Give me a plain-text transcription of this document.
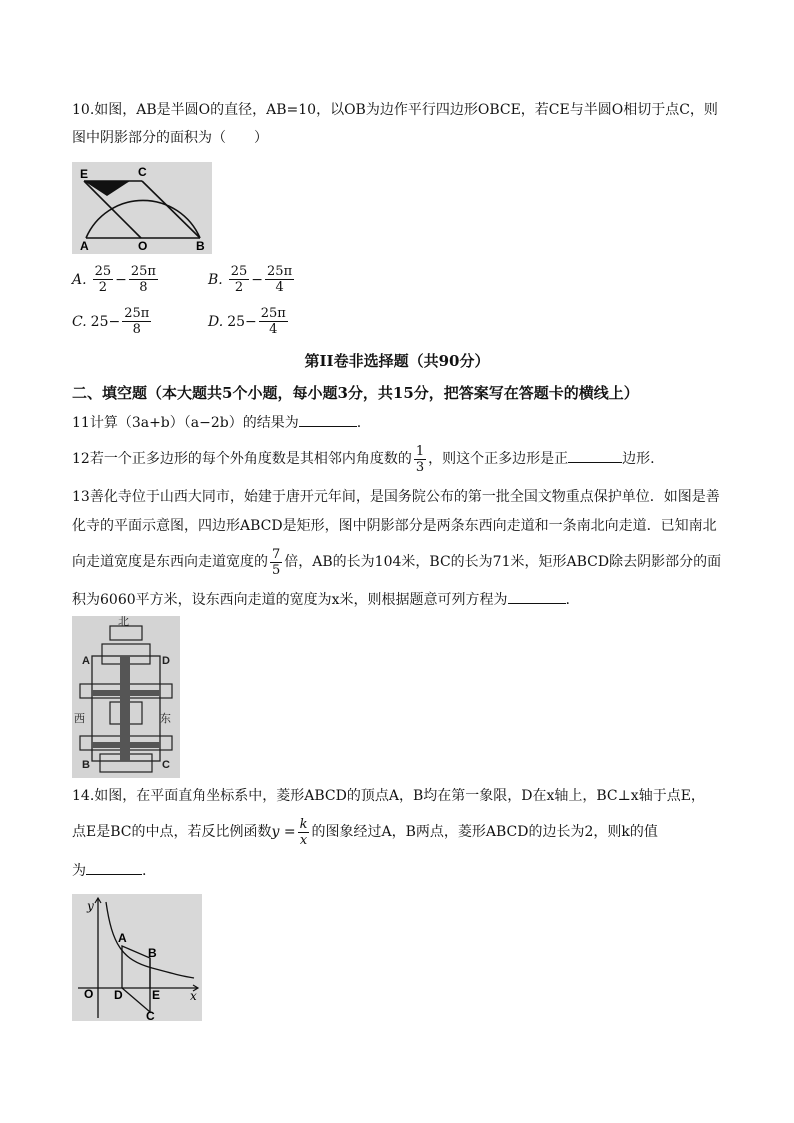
10.如图，AB是半圆O的直径，AB=10，以OB为边作平行四边形OBCE，若CE与半圆O相切于点C，则
图中阴影部分的面积为（　　）
E	C
A	O	B
A. $\frac{25}{2} - \frac{25\pi}{8}$	B. $\frac{25}{2} - \frac{25\pi}{4}$
C. $25 - \frac{25\pi}{8}$	D. $25 - \frac{25\pi}{4}$
第II卷非选择题（共90分）
二、填空题（本大题共5个小题，每小题3分，共15分，把答案写在答题卡的横线上）
11计算（3a+b）（a−2b）的结果为	.
12若一个正多边形的每个外角度数是其相邻内角度数的 $\frac{1}{3}$ ，则这个正多边形是正	边形.
13善化寺位于山西大同市，始建于唐开元年间，是国务院公布的第一批全国文物重点保护单位．如图是善
化寺的平面示意图，四边形ABCD是矩形，图中阴影部分是两条东西向走道和一条南北向走道．已知南北
向走道宽度是东西向走道宽度的 $\frac{7}{5}$ 倍，AB的长为104米，BC的长为71米，矩形ABCD除去阴影部分的面
积为6060平方米，设东西向走道的宽度为x米，则根据题意可列方程为	.
北
西	东
A	D
B	C
14.如图，在平面直角坐标系中，菱形ABCD的顶点A，B均在第一象限，D在x轴上，BC⊥x轴于点E，
点E是BC的中点，若反比例函数$y = \frac{k}{x}$ 的图象经过A，B两点，菱形ABCD的边长为2，则k的值
为	.
y
A
B
O D E x
C
